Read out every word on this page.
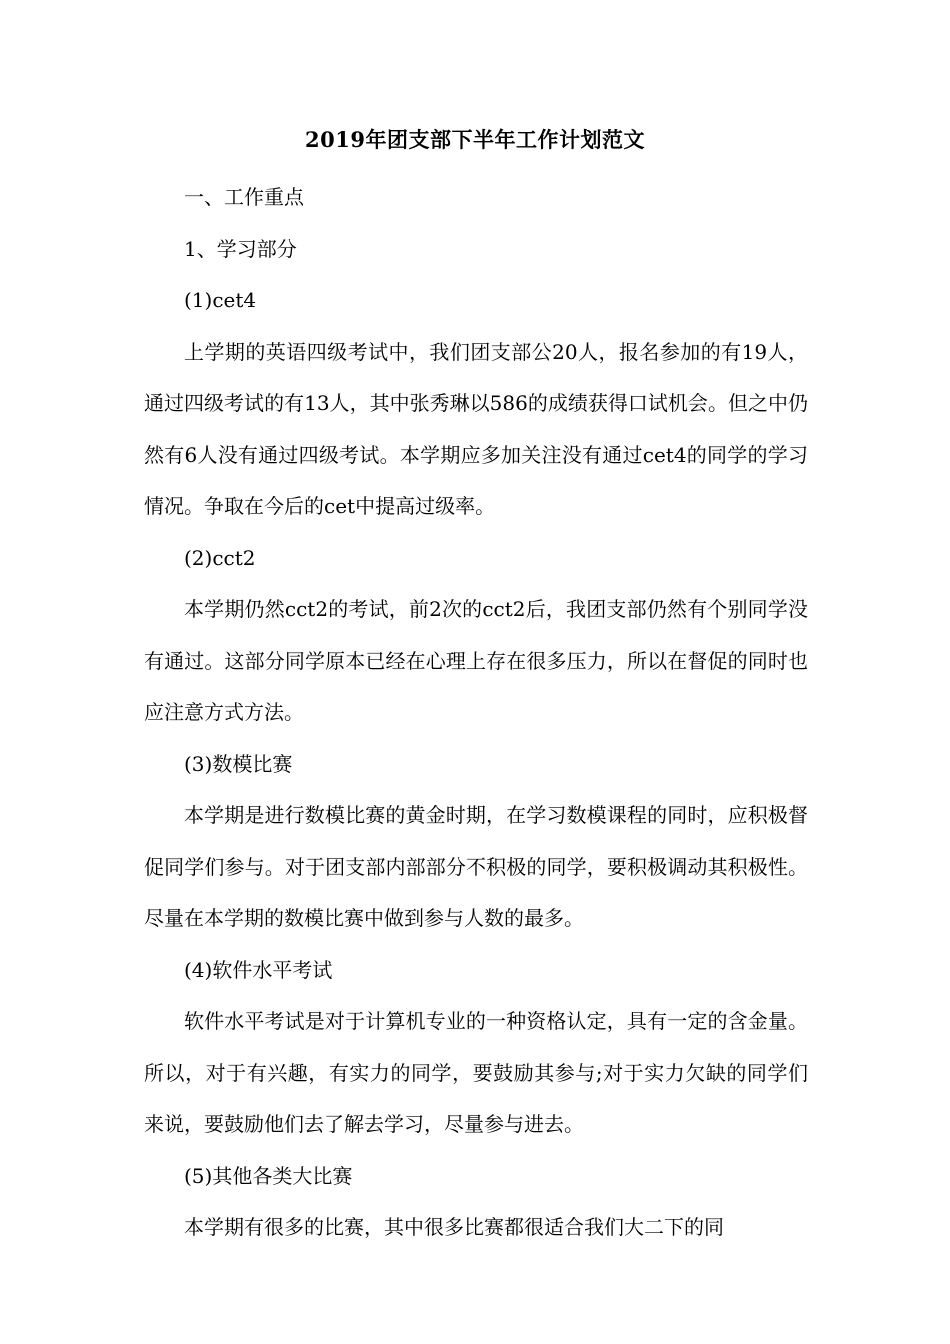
2019年团支部下半年工作计划范文

一、工作重点

1、学习部分

(1)cet4

上学期的英语四级考试中，我们团支部公20人，报名参加的有19人，通过四级考试的有13人，其中张秀琳以586的成绩获得口试机会。但之中仍然有6人没有通过四级考试。本学期应多加关注没有通过cet4的同学的学习情况。争取在今后的cet中提高过级率。

(2)cct2

本学期仍然cct2的考试，前2次的cct2后，我团支部仍然有个别同学没有通过。这部分同学原本已经在心理上存在很多压力，所以在督促的同时也应注意方式方法。

(3)数模比赛

本学期是进行数模比赛的黄金时期，在学习数模课程的同时，应积极督促同学们参与。对于团支部内部部分不积极的同学，要积极调动其积极性。尽量在本学期的数模比赛中做到参与人数的最多。

(4)软件水平考试

软件水平考试是对于计算机专业的一种资格认定，具有一定的含金量。所以，对于有兴趣，有实力的同学，要鼓励其参与;对于实力欠缺的同学们来说，要鼓励他们去了解去学习，尽量参与进去。

(5)其他各类大比赛

本学期有很多的比赛，其中很多比赛都很适合我们大二下的同
